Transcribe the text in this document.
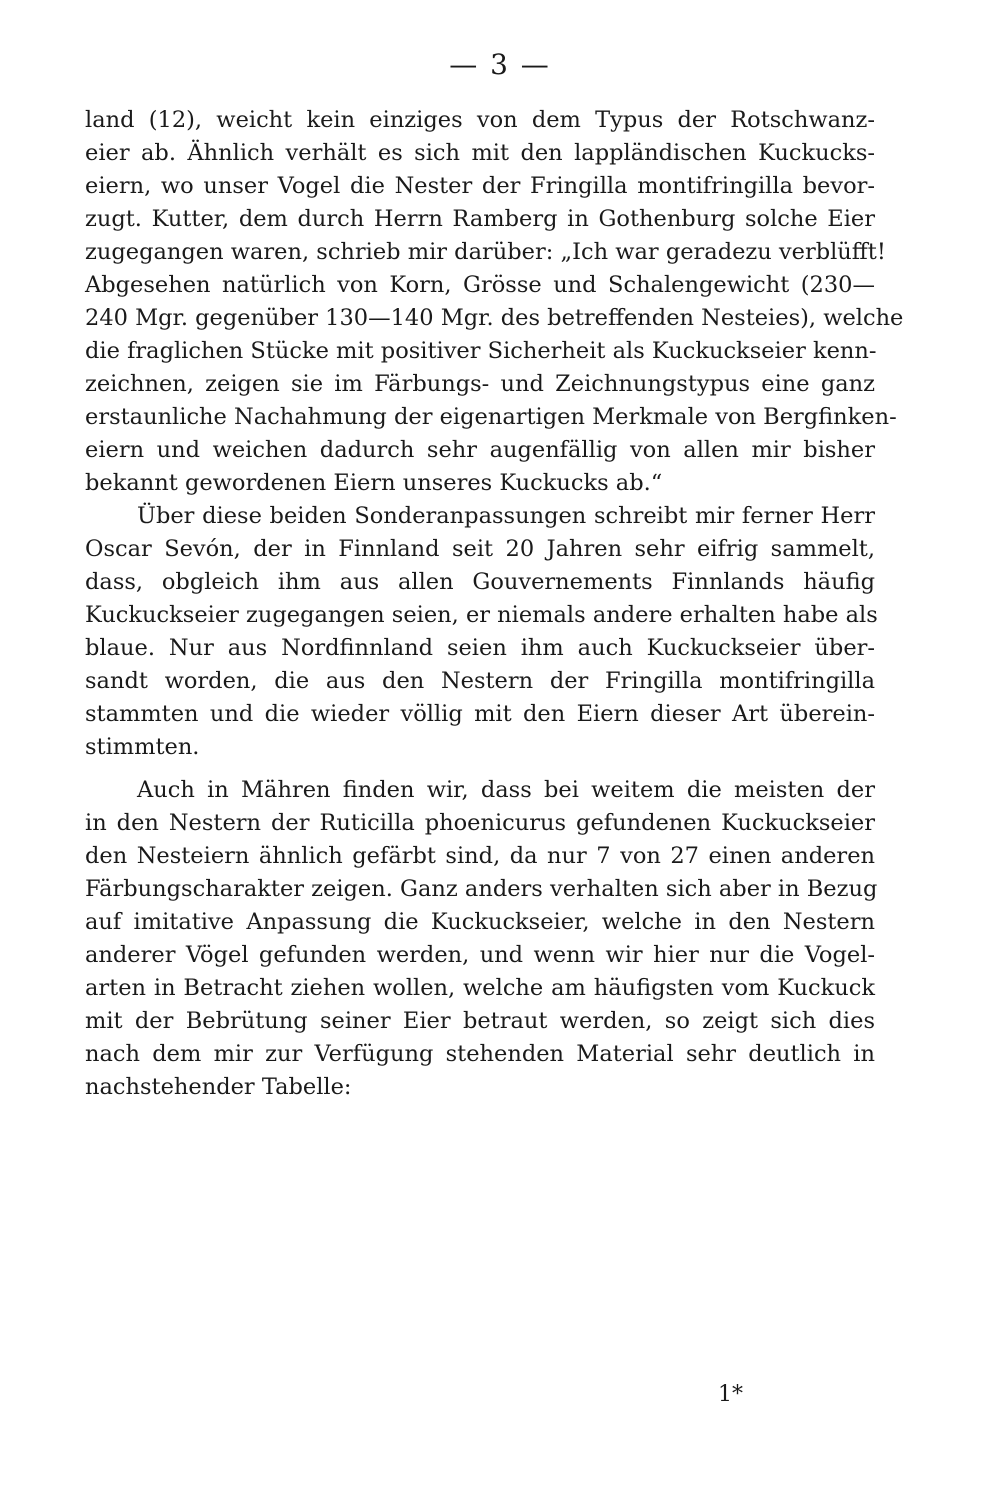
— 3 —
land (12), weicht kein einziges von dem Typus der Rotschwanz-
eier ab. Ähnlich verhält es sich mit den lappländischen Kuckucks-
eiern, wo unser Vogel die Nester der Fringilla montifringilla bevor-
zugt. Kutter, dem durch Herrn Ramberg in Gothenburg solche Eier
zugegangen waren, schrieb mir darüber: „Ich war geradezu verblüfft!
Abgesehen natürlich von Korn, Grösse und Schalengewicht (230—
240 Mgr. gegenüber 130—140 Mgr. des betreffenden Nesteies), welche
die fraglichen Stücke mit positiver Sicherheit als Kuckuckseier kenn-
zeichnen, zeigen sie im Färbungs- und Zeichnungstypus eine ganz
erstaunliche Nachahmung der eigenartigen Merkmale von Bergfinken-
eiern und weichen dadurch sehr augenfällig von allen mir bisher
bekannt gewordenen Eiern unseres Kuckucks ab.“
Über diese beiden Sonderanpassungen schreibt mir ferner Herr
Oscar Sevón, der in Finnland seit 20 Jahren sehr eifrig sammelt,
dass, obgleich ihm aus allen Gouvernements Finnlands häufig
Kuckuckseier zugegangen seien, er niemals andere erhalten habe als
blaue. Nur aus Nordfinnland seien ihm auch Kuckuckseier über-
sandt worden, die aus den Nestern der Fringilla montifringilla
stammten und die wieder völlig mit den Eiern dieser Art überein-
stimmten.
Auch in Mähren finden wir, dass bei weitem die meisten der
in den Nestern der Ruticilla phoenicurus gefundenen Kuckuckseier
den Nesteiern ähnlich gefärbt sind, da nur 7 von 27 einen anderen
Färbungscharakter zeigen. Ganz anders verhalten sich aber in Bezug
auf imitative Anpassung die Kuckuckseier, welche in den Nestern
anderer Vögel gefunden werden, und wenn wir hier nur die Vogel-
arten in Betracht ziehen wollen, welche am häufigsten vom Kuckuck
mit der Bebrütung seiner Eier betraut werden, so zeigt sich dies
nach dem mir zur Verfügung stehenden Material sehr deutlich in
nachstehender Tabelle:
1*
